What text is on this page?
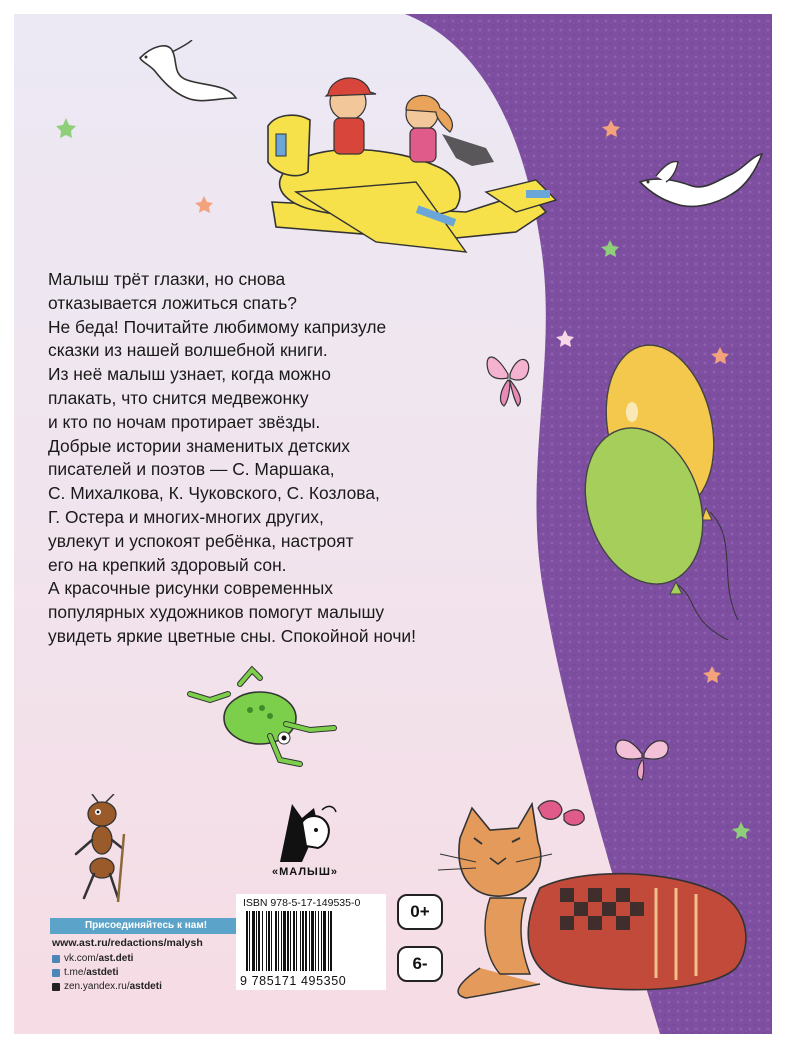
Малыш трёт глазки, но снова
отказывается ложиться спать?
Не беда! Почитайте любимому капризуле
сказки из нашей волшебной книги.
Из неё малыш узнает, когда можно
плакать, что снится медвежонку
и кто по ночам протирает звёзды.
Добрые истории знаменитых детских
писателей и поэтов — С. Маршака,
С. Михалкова, К. Чуковского, С. Козлова,
Г. Остера и многих-многих других,
увлекут и успокоят ребёнка, настроят
его на крепкий здоровый сон.
А красочные рисунки современных
популярных художников помогут малышу
увидеть яркие цветные сны. Спокойной ночи!

«МАЛЫШ»
Присоединяйтесь к нам!
www.ast.ru/redactions/malysh
vk.com/ ast.deti
t.me/ astdeti
zen.yandex.ru/ astdeti
ISBN 978-5-17-149535-0
9 785171 495350
0+
6-
